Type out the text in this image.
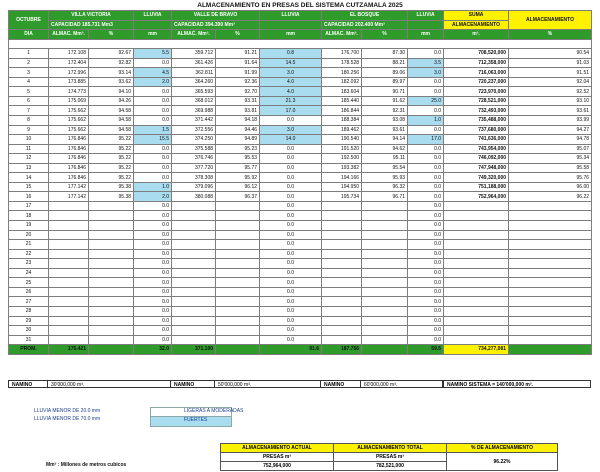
ALMACENAMIENTO EN PRESAS DEL SISTEMA CUTZAMALA 2025
OCTUBRE	VILLA VICTORIA		LLUVIA	VALLE DE BRAVO		LLUVIA	EL BOSQUE		LLUVIA	SUMA	ALMACENAMIENTO
	CAPACIDAD 185.731 Mm3			CAPACIDAD 394.390 Mm³			CAPACIDAD 202.400 Mm³			ALMACENAMIENTO	
DIA	ALMAC. Mm³.	%	mm	ALMAC. Mm³.	%	mm	ALMAC. Mm³.	%	mm	m³.	%

1	172.108	92.67	5.5	359.712	91.21	0.8	176.700	87.30	0.0	708,520,000	90.54
2	172.404	92.82	0.0	361.426	91.64	14.5	178.528	88.21	3.5	712,358,000	91.03
3	172.996	93.14	4.5	362.811	91.99	3.0	180.256	89.06	3.0	716,063,000	91.51
4	173.885	93.62	2.0	364.260	92.36	4.0	182.092	89.97	0.0	720,237,000	92.04
5	174.773	94.10	0.0	365.593	92.70	4.0	183.604	90.71	0.0	723,970,000	92.52
6	175.069	94.26	0.0	368.012	93.31	21.3	185.440	91.62	25.0	728,521,000	93.10
7	175.662	94.58	0.0	369.988	93.81	17.0	186.844	92.31	0.0	732,493,000	93.61
8	175.662	94.58	0.0	371.442	94.18	0.0	188.384	93.08	1.0	735,488,000	93.99
9	175.662	94.58	1.5	372.556	94.46	3.0	189.462	93.61	0.0	737,680,000	94.27
10	176.846	95.22	15.5	374.250	94.89	14.0	190.540	94.14	17.0	741,636,000	94.78
11	176.846	95.22	0.0	375.588	95.23	0.0	191.520	94.62	0.0	743,954,000	95.07
12	176.846	95.22	0.0	376.746	95.53	0.0	192.500	95.11	0.0	746,092,000	95.34
13	176.846	95.22	0.0	377.720	95.77	0.0	193.382	95.54	0.0	747,948,000	95.58
14	176.846	95.22	0.0	378.308	95.92	0.0	194.166	95.93	0.0	749,320,000	95.76
15	177.142	95.38	1.0	379.096	96.12	0.0	194.950	96.32	0.0	751,188,000	96.00
16	177.142	95.38	2.0	380.088	96.37	0.0	195.734	96.71	0.0	752,964,000	96.22
17			0.0			0.0			0.0		
18			0.0			0.0			0.0		
19			0.0			0.0			0.0		
20			0.0			0.0			0.0		
21			0.0			0.0			0.0		
22			0.0			0.0			0.0		
23			0.0			0.0			0.0		
24			0.0			0.0			0.0		
25			0.0			0.0			0.0		
26			0.0			0.0			0.0		
27			0.0			0.0			0.0		
28			0.0			0.0			0.0		
29			0.0			0.0			0.0		
30			0.0			0.0			0.0		
31			0.0			0.0			0.0		
PROM.	175.421		32.0	371.100		91.6	187.756		59.5	734,277,081	
NAMINO	30'000,000 m³.	NAMINO	50'000,000 m³.	NAMINO	60'000,000 m³.	NAMINO SISTEMA = 140'000,000 m³.
LLUVIA MENOR DE 20.0 mm
LLUVIA MENOR DE 70.0 mm
LIGERAS A MODERADAS
FUERTES
ALMACENAMIENTO ACTUAL	ALMACENAMIENTO TOTAL	% DE ALMACENAMIENTO
PRESAS m³	PRESAS m³	96.22%
752,964,000	782,521,000	
Mm³ : Millones de metros cubicos
